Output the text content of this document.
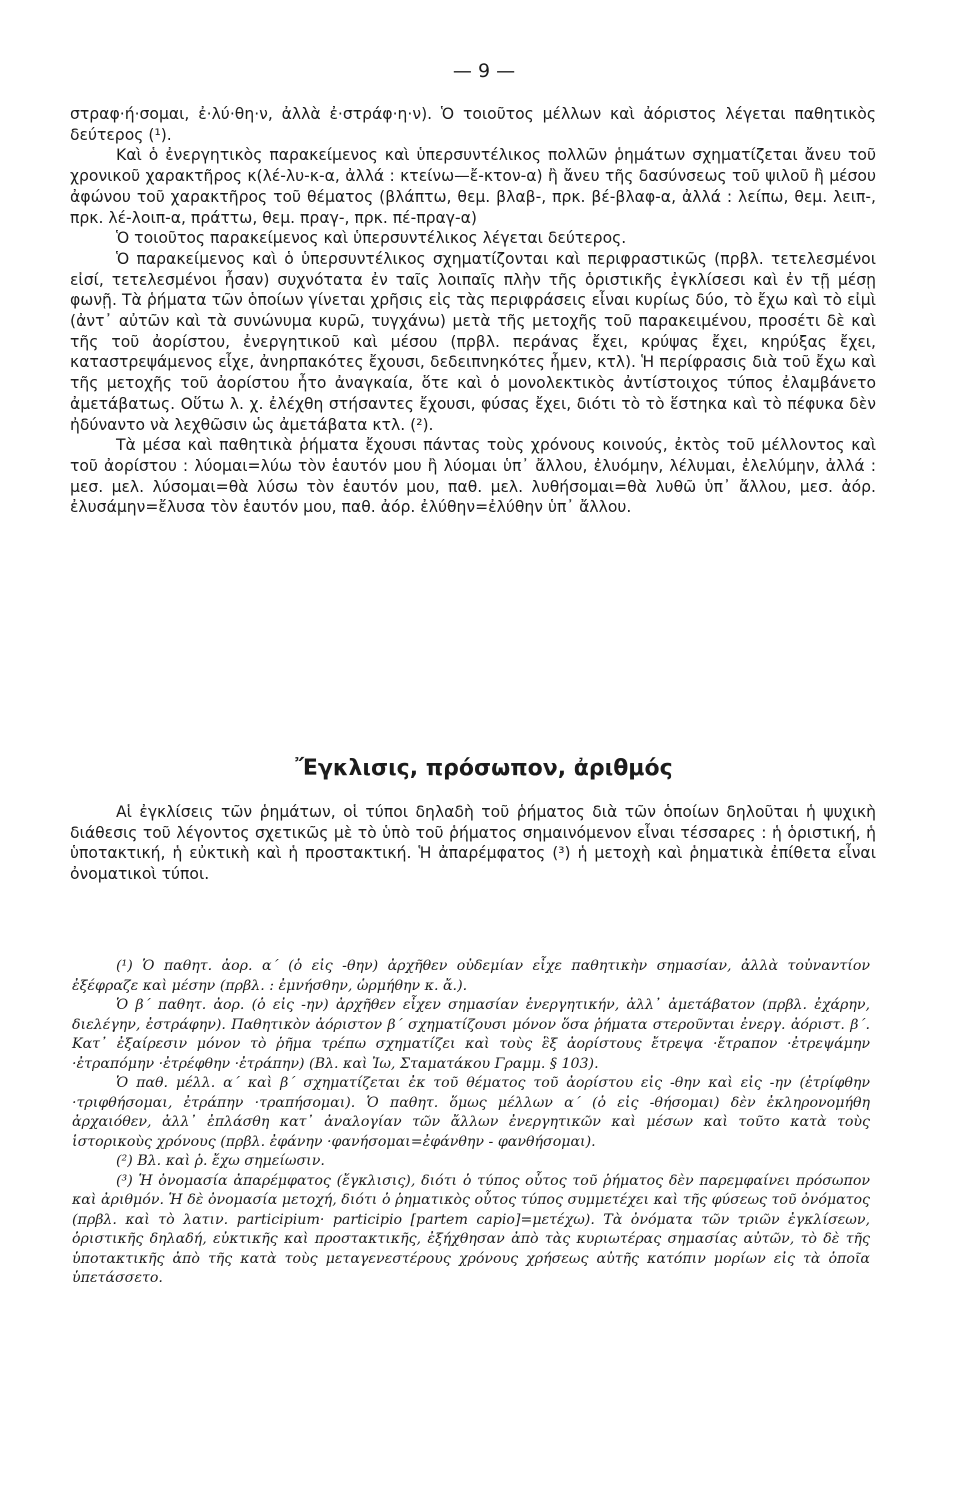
— 9 —

στραφ·ή·σομαι, ἐ·λύ·θη·ν, ἀλλὰ ἐ·στράφ·η·ν). Ὁ τοιοῦτος μέλλων καὶ ἀόριστος λέγεται παθητικὸς δεύτερος (¹).

Καὶ ὁ ἐνεργητικὸς παρακείμενος καὶ ὑπερσυντέλικος πολλῶν ῥημάτων σχηματίζεται ἄνευ τοῦ χρονικοῦ χαρακτῆρος κ(λέ-λυ-κ-α, ἀλλά : κτείνω—ἔ-κτον-α) ἢ ἄνευ τῆς δασύνσεως τοῦ ψιλοῦ ἢ μέσου ἀφώνου τοῦ χαρακτῆρος τοῦ θέματος (βλάπτω, θεμ. βλαβ-, πρκ. βέ-βλαφ-α, ἀλλά : λείπω, θεμ. λειπ-, πρκ. λέ-λοιπ-α, πράττω, θεμ. πραγ-, πρκ. πέ-πραγ-α)

Ὁ τοιοῦτος παρακείμενος καὶ ὑπερσυντέλικος λέγεται δεύτερος.

Ὁ παρακείμενος καὶ ὁ ὑπερσυντέλικος σχηματίζονται καὶ περιφραστικῶς (πρβλ. τετελεσμένοι εἰσί, τετελεσμένοι ἦσαν) συχνότατα ἐν ταῖς λοιπαῖς πλὴν τῆς ὁριστικῆς ἐγκλίσεσι καὶ ἐν τῇ μέσῃ φωνῇ. Τὰ ῥήματα τῶν ὁποίων γίνεται χρῆσις εἰς τὰς περιφράσεις εἶναι κυρίως δύο, τὸ ἔχω καὶ τὸ εἰμὶ (ἀντ᾿ αὐτῶν καὶ τὰ συνώνυμα κυρῶ, τυγχάνω) μετὰ τῆς μετοχῆς τοῦ παρακειμένου, προσέτι δὲ καὶ τῆς τοῦ ἀορίστου, ἐνεργητικοῦ καὶ μέσου (πρβλ. περάνας ἔχει, κρύψας ἔχει, κηρύξας ἔχει, καταστρεψάμενος εἶχε, ἀνηρπακότες ἔχουσι, δεδειπνηκότες ἦμεν, κτλ). Ἡ περίφρασις διὰ τοῦ ἔχω καὶ τῆς μετοχῆς τοῦ ἀορίστου ἦτο ἀναγκαία, ὅτε καὶ ὁ μονολεκτικὸς ἀντίστοιχος τύπος ἐλαμβάνετο ἀμετάβατως. Οὕτω λ. χ. ἐλέχθη στήσαντες ἔχουσι, φύσας ἔχει, διότι τὸ τὸ ἕστηκα καὶ τὸ πέφυκα δὲν ἠδύναντο νὰ λεχθῶσιν ὡς ἀμετάβατα κτλ. (²).

Τὰ μέσα καὶ παθητικὰ ῥήματα ἔχουσι πάντας τοὺς χρόνους κοινούς, ἐκτὸς τοῦ μέλλοντος καὶ τοῦ ἀορίστου : λύομαι=λύω τὸν ἑαυτόν μου ἢ λύομαι ὑπ᾿ ἄλλου, ἐλυόμην, λέλυμαι, ἐλελύμην, ἀλλά : μεσ. μελ. λύσομαι=θὰ λύσω τὸν ἑαυτόν μου, παθ. μελ. λυθήσομαι=θὰ λυθῶ ὑπ᾿ ἄλλου, μεσ. ἀόρ. ἐλυσάμην=ἔλυσα τὸν ἑαυτόν μου, παθ. ἀόρ. ἐλύθην=ἐλύθην ὑπ᾿ ἄλλου.

Ἔγκλισις, πρόσωπον, ἀριθμός

Αἱ ἐγκλίσεις τῶν ῥημάτων, οἱ τύποι δηλαδὴ τοῦ ῥήματος διὰ τῶν ὁποίων δηλοῦται ἡ ψυχικὴ διάθεσις τοῦ λέγοντος σχετικῶς μὲ τὸ ὑπὸ τοῦ ῥήματος σημαινόμενον εἶναι τέσσαρες : ἡ ὁριστική, ἡ ὑποτακτική, ἡ εὐκτικὴ καὶ ἡ προστακτική. Ἡ ἀπαρέμφατος (³) ἡ μετοχὴ καὶ ῥηματικὰ ἐπίθετα εἶναι ὀνοματικοὶ τύποι.

(¹) Ὁ παθητ. ἀορ. α΄ (ὁ εἰς -θην) ἀρχῆθεν οὐδεμίαν εἶχε παθητικὴν σημασίαν, ἀλλὰ τοὐναντίον ἐξέφραζε καὶ μέσην (πρβλ. : ἐμνήσθην, ὡρμήθην κ. ἄ.).

Ὁ β΄ παθητ. ἀορ. (ὁ εἰς -ην) ἀρχῆθεν εἶχεν σημασίαν ἐνεργητικήν, ἀλλ᾿ ἀμετάβατον (πρβλ. ἐχάρην, διελέγην, ἐστράφην). Παθητικὸν ἀόριστον β΄ σχηματίζουσι μόνον ὅσα ῥήματα στεροῦνται ἐνεργ. ἀόριστ. β΄. Κατ᾿ ἐξαίρεσιν μόνον τὸ ῥῆμα τρέπω σχηματίζει καὶ τοὺς ἓξ ἀορίστους ἔτρεψα ·ἔτραπον ·ἐτρεψάμην ·ἐτραπόμην ·ἐτρέφθην ·ἐτράπην) (Βλ. καὶ Ἰω, Σταματάκου Γραμμ. § 103).

Ὁ παθ. μέλλ. α΄ καὶ β΄ σχηματίζεται ἐκ τοῦ θέματος τοῦ ἀορίστου εἰς -θην καὶ εἰς -ην (ἐτρίφθην ·τριφθήσομαι, ἐτράπην ·τραπήσομαι). Ὁ παθητ. ὅμως μέλλων α΄ (ὁ εἰς -θήσομαι) δὲν ἐκληρονομήθη ἀρχαιόθεν, ἀλλ᾿ ἐπλάσθη κατ᾿ ἀναλογίαν τῶν ἄλλων ἐνεργητικῶν καὶ μέσων καὶ τοῦτο κατὰ τοὺς ἱστορικοὺς χρόνους (πρβλ. ἐφάνην ·φανήσομαι=ἐφάνθην - φανθήσομαι).

(²) Βλ. καὶ ῥ. ἔχω σημείωσιν.

(³) Ἡ ὀνομασία ἀπαρέμφατος (ἔγκλισις), διότι ὁ τύπος οὗτος τοῦ ῥήματος δὲν παρεμφαίνει πρόσωπον καὶ ἀριθμόν. Ἡ δὲ ὀνομασία μετοχή, διότι ὁ ῥηματικὸς οὗτος τύπος συμμετέχει καὶ τῆς φύσεως τοῦ ὀνόματος (πρβλ. καὶ τὸ λατιν. participium· participio [partem capio]=μετέχω). Τὰ ὀνόματα τῶν τριῶν ἐγκλίσεων, ὁριστικῆς δηλαδή, εὐκτικῆς καὶ προστακτικῆς, ἐξήχθησαν ἀπὸ τὰς κυριωτέρας σημασίας αὐτῶν, τὸ δὲ τῆς ὑποτακτικῆς ἀπὸ τῆς κατὰ τοὺς μεταγενεστέρους χρόνους χρήσεως αὐτῆς κατόπιν μορίων εἰς τὰ ὁποῖα ὑπετάσσετο.
